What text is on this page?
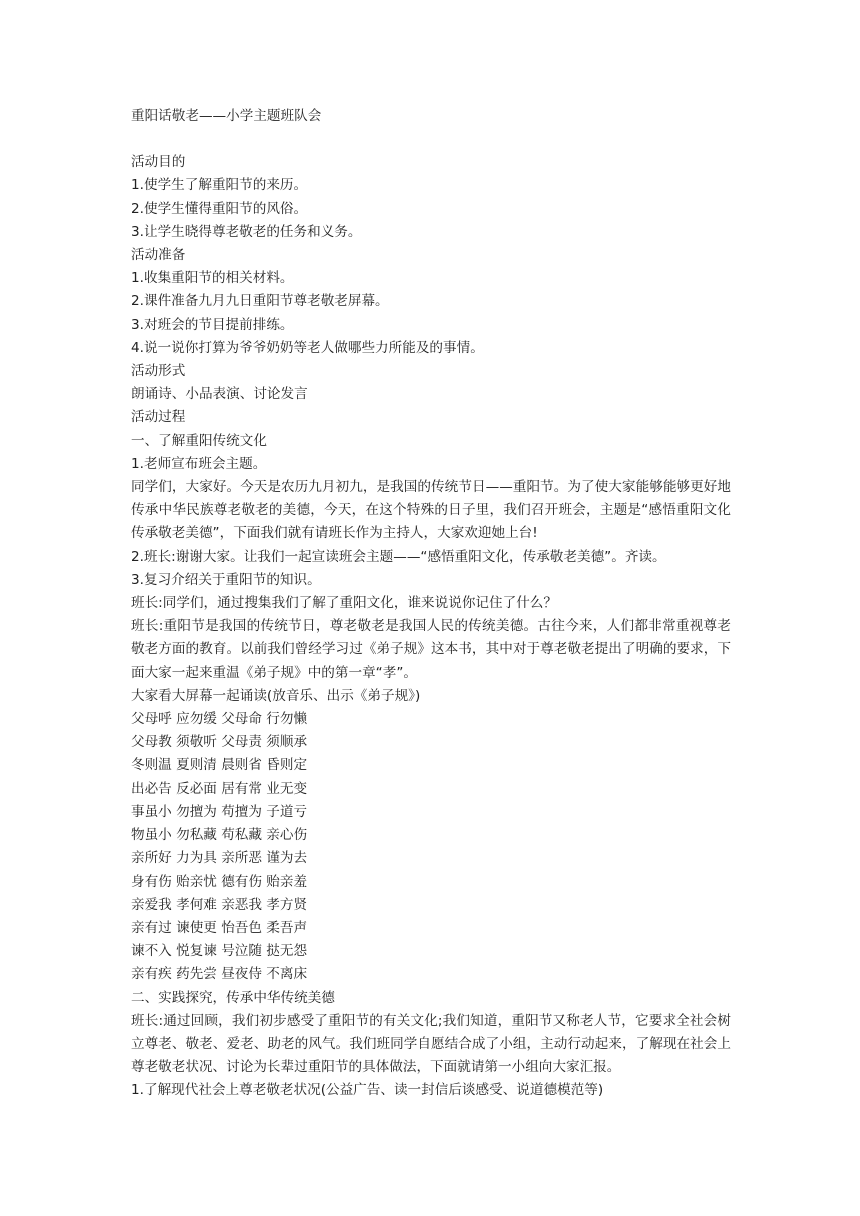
重阳话敬老——小学主题班队会
活动目的
1.使学生了解重阳节的来历。
2.使学生懂得重阳节的风俗。
3.让学生晓得尊老敬老的任务和义务。
活动准备
1.收集重阳节的相关材料。
2.课件准备九月九日重阳节尊老敬老屏幕。
3.对班会的节目提前排练。
4.说一说你打算为爷爷奶奶等老人做哪些力所能及的事情。
活动形式
朗诵诗、小品表演、讨论发言
活动过程
一、了解重阳传统文化
1.老师宣布班会主题。
同学们，大家好。今天是农历九月初九，是我国的传统节日——重阳节。为了使大家能够能够更好地传承中华民族尊老敬老的美德，今天，在这个特殊的日子里，我们召开班会，主题是“感悟重阳文化 传承敬老美德”，下面我们就有请班长作为主持人，大家欢迎她上台!
2.班长:谢谢大家。让我们一起宣读班会主题——“感悟重阳文化，传承敬老美德”。齐读。
3.复习介绍关于重阳节的知识。
班长:同学们，通过搜集我们了解了重阳文化，谁来说说你记住了什么？
班长:重阳节是我国的传统节日，尊老敬老是我国人民的传统美德。古往今来，人们都非常重视尊老敬老方面的教育。以前我们曾经学习过《弟子规》这本书，其中对于尊老敬老提出了明确的要求，下面大家一起来重温《弟子规》中的第一章“孝”。
大家看大屏幕一起诵读(放音乐、出示《弟子规》)
父母呼 应勿缓 父母命 行勿懒
父母教 须敬听 父母责 须顺承
冬则温 夏则清 晨则省 昏则定
出必告 反必面 居有常 业无变
事虽小 勿擅为 苟擅为 子道亏
物虽小 勿私藏 苟私藏 亲心伤
亲所好 力为具 亲所恶 谨为去
身有伤 贻亲忧 德有伤 贻亲羞
亲爱我 孝何难 亲恶我 孝方贤
亲有过 谏使更 怡吾色 柔吾声
谏不入 悦复谏 号泣随 挞无怨
亲有疾 药先尝 昼夜侍 不离床
二、实践探究，传承中华传统美德
班长:通过回顾，我们初步感受了重阳节的有关文化;我们知道，重阳节又称老人节，它要求全社会树立尊老、敬老、爱老、助老的风气。我们班同学自愿结合成了小组，主动行动起来，了解现在社会上尊老敬老状况、讨论为长辈过重阳节的具体做法，下面就请第一小组向大家汇报。
1.了解现代社会上尊老敬老状况(公益广告、读一封信后谈感受、说道德模范等)
